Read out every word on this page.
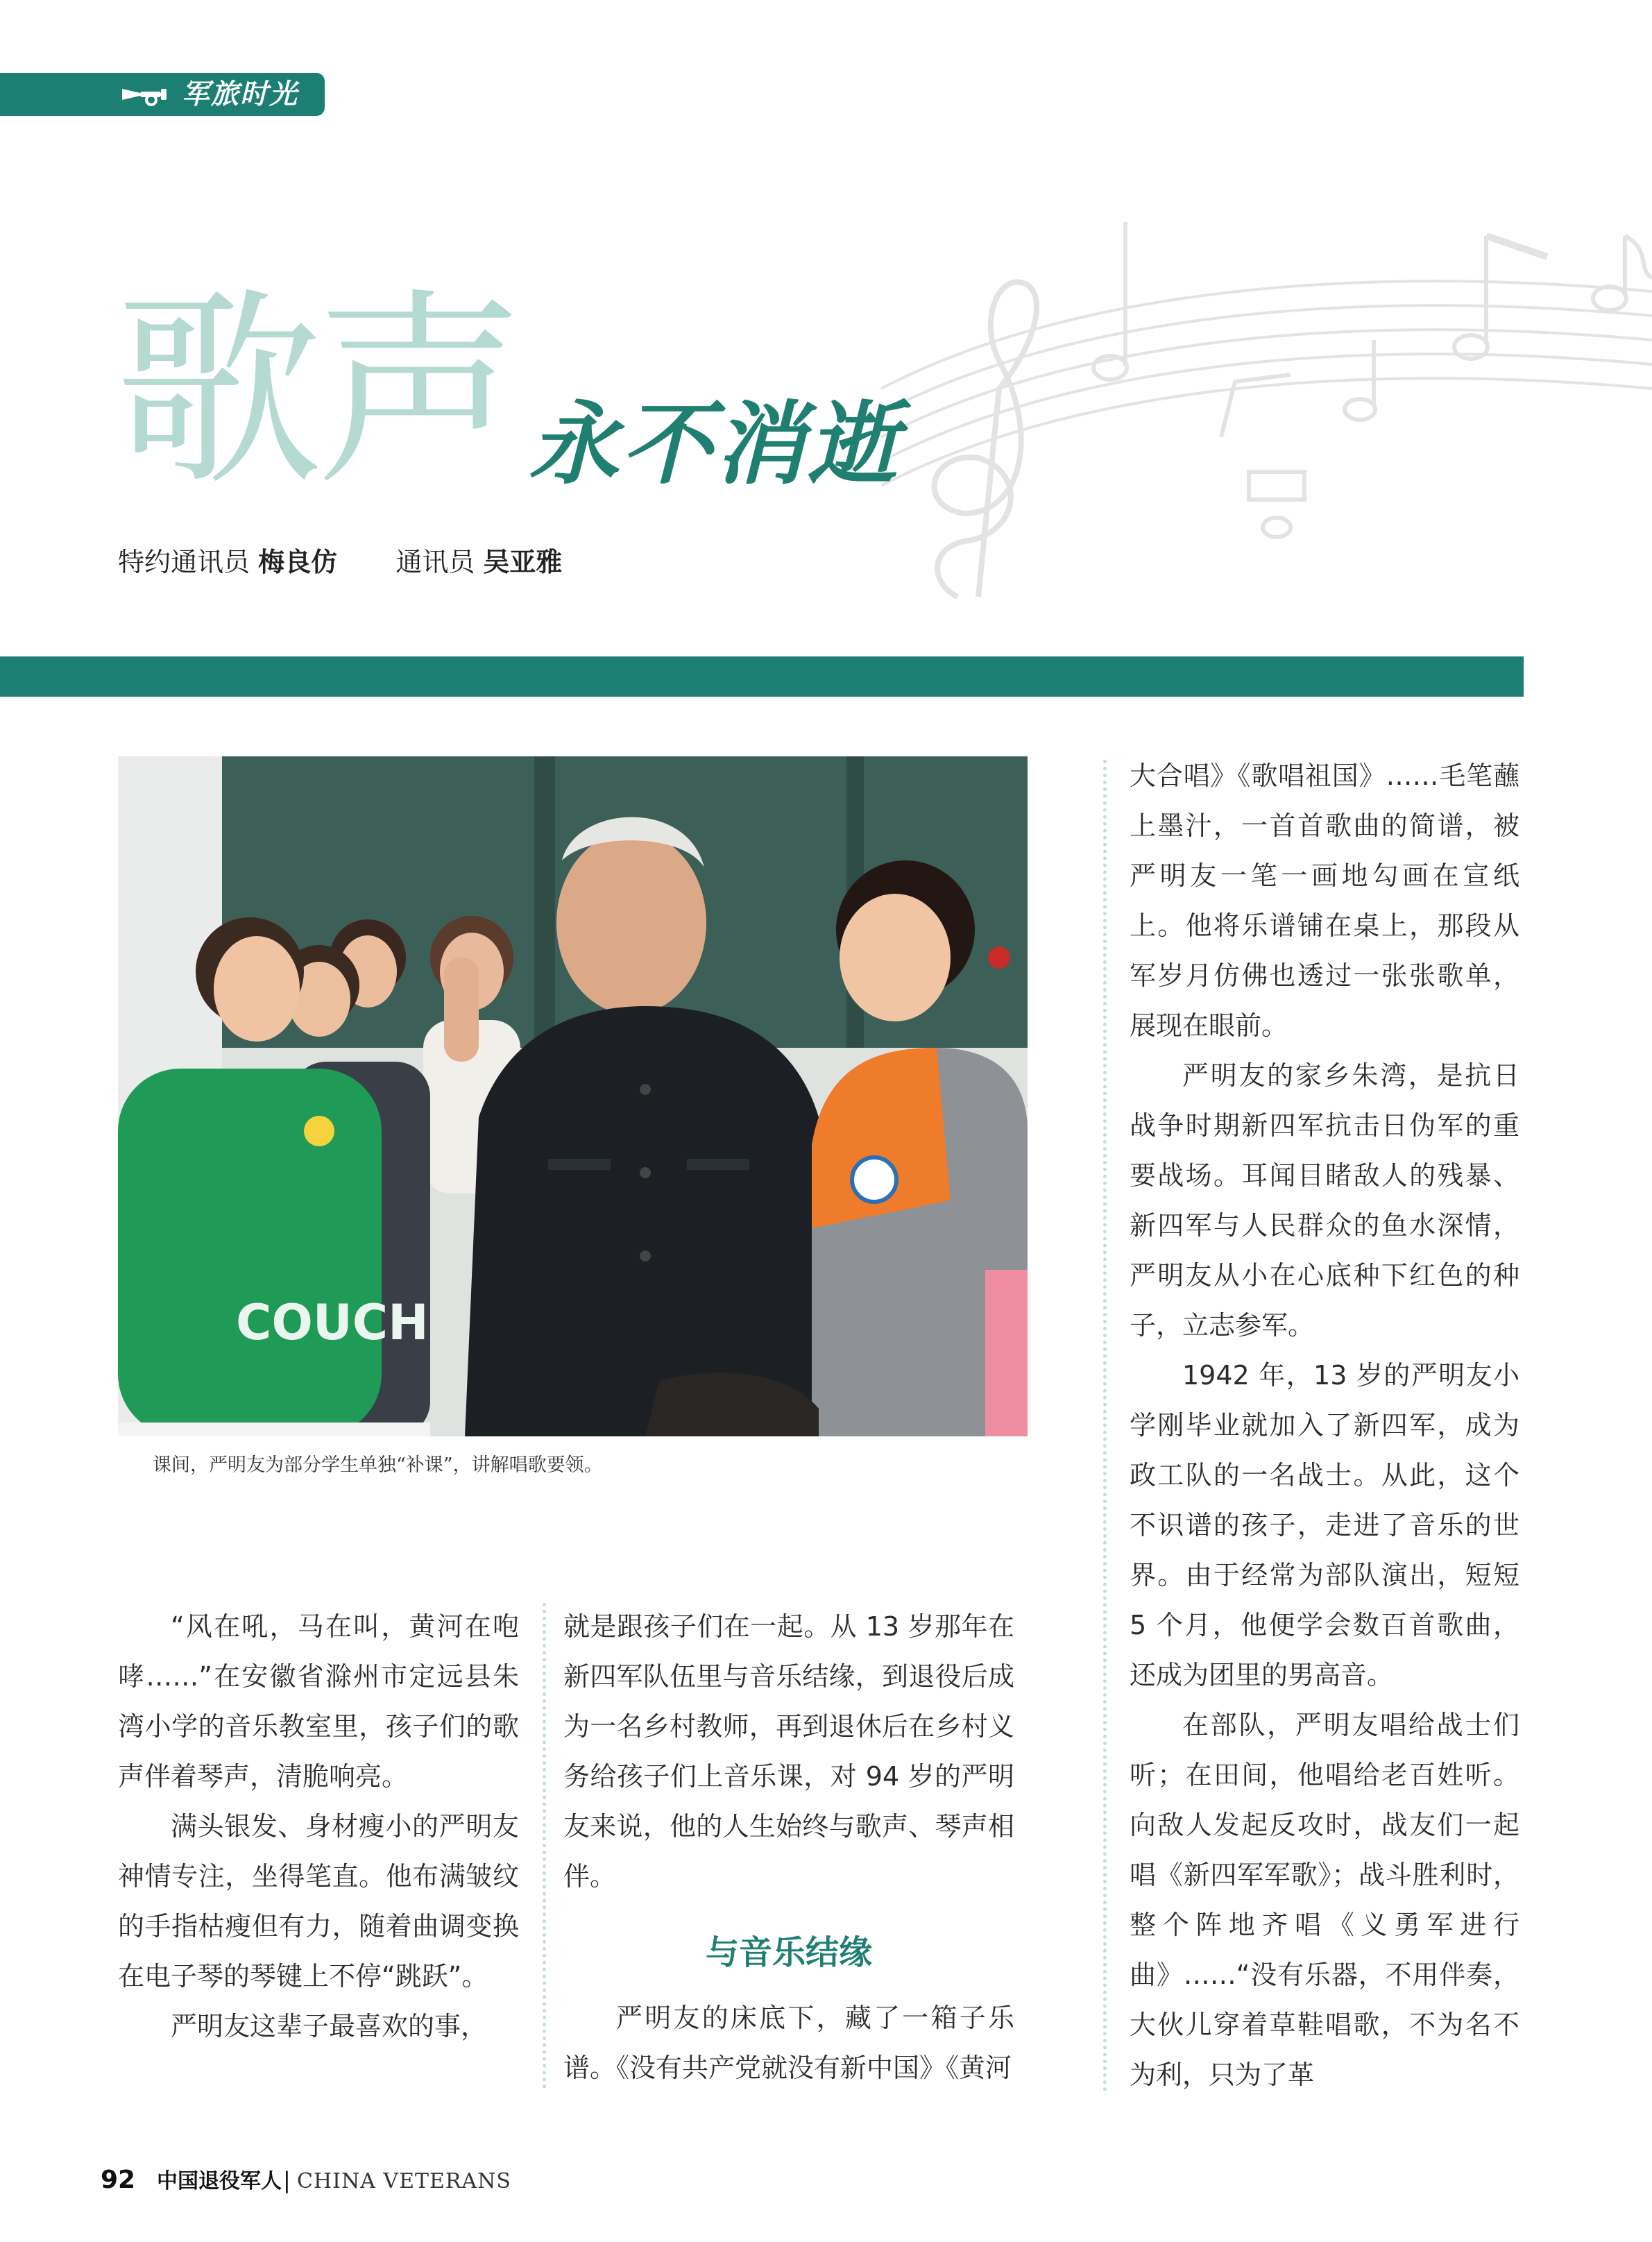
军旅时光
歌声 永不消逝
特约通讯员 梅良仿 通讯员 吴亚雅
COUCH
课间，严明友为部分学生单独“补课”，讲解唱歌要领。

“风在吼，马在叫，黄河在咆哮……”在安徽省滁州市定远县朱湾小学的音乐教室里，孩子们的歌声伴着琴声，清脆响亮。

满头银发、身材瘦小的严明友神情专注，坐得笔直。他布满皱纹的手指枯瘦但有力，随着曲调变换在电子琴的琴键上不停“跳跃”。

严明友这辈子最喜欢的事，

就是跟孩子们在一起。从 13 岁那年在新四军队伍里与音乐结缘，到退役后成为一名乡村教师，再到退休后在乡村义务给孩子们上音乐课，对 94 岁的严明友来说，他的人生始终与歌声、琴声相伴。

与音乐结缘

严明友的床底下，藏了一箱子乐谱。《没有共产党就没有新中国》《黄河

大合唱》《歌唱祖国》……毛笔蘸上墨汁，一首首歌曲的简谱，被严明友一笔一画地勾画在宣纸上。他将乐谱铺在桌上，那段从军岁月仿佛也透过一张张歌单，展现在眼前。

严明友的家乡朱湾，是抗日战争时期新四军抗击日伪军的重要战场。耳闻目睹敌人的残暴、新四军与人民群众的鱼水深情，严明友从小在心底种下红色的种子，立志参军。

1942 年，13 岁的严明友小学刚毕业就加入了新四军，成为政工队的一名战士。从此，这个不识谱的孩子，走进了音乐的世界。由于经常为部队演出，短短 5 个月，他便学会数百首歌曲，还成为团里的男高音。

在部队，严明友唱给战士们听；在田间，他唱给老百姓听。向敌人发起反攻时，战友们一起唱《新四军军歌》；战斗胜利时，整个阵地齐唱《义勇军进行曲》……“没有乐器，不用伴奏，大伙儿穿着草鞋唱歌，不为名不为利，只为了革

92 中国退役军人 | CHINA VETERANS
